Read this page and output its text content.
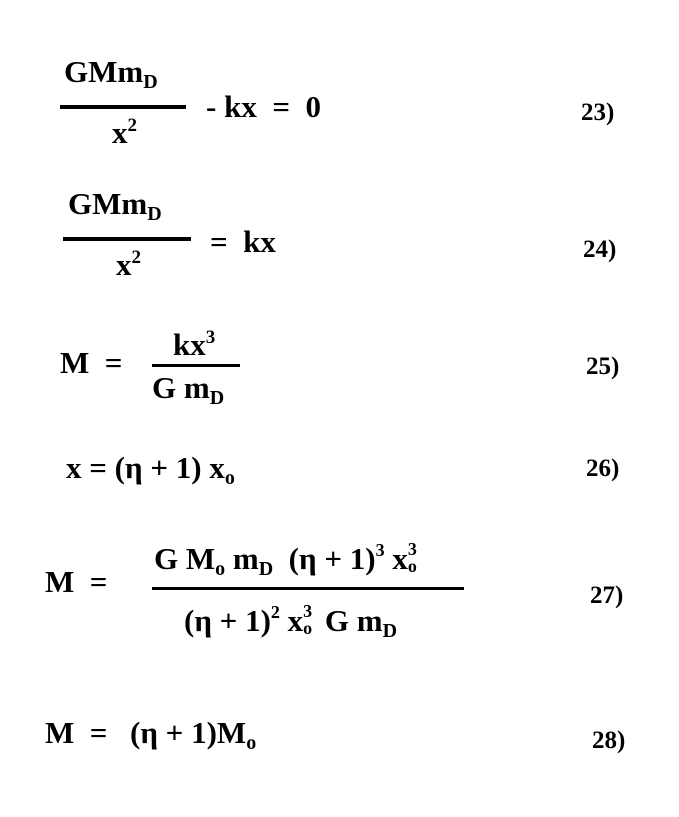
GMmD
$x^2$
- kx  =  0	23)
GMmD
$x^2$ =  kx	24)
M  =
$kx^3$
G mD
25)
x = (η + 1) xo	26)
M  =
G Mo mD $(\eta + 1)^3$ x 3
o
$(\eta + 1)^2$ x 3
o G mD
27)
M  = (η + 1)Mo	28)
